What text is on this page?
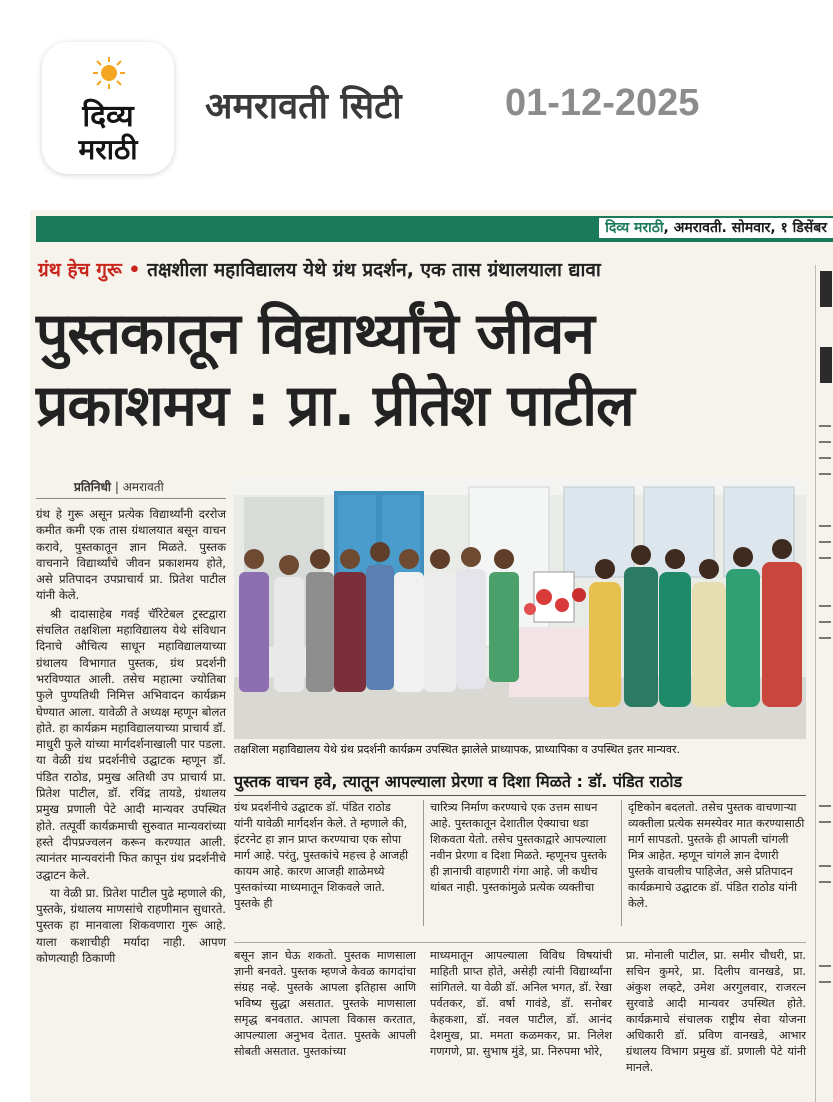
दिव्य
मराठी
अमरावती सिटी	01-12-2025
दिव्य मराठी, अमरावती. सोमवार, १ डिसेंबर
ग्रंथ हेच गुरू • तक्षशीला महाविद्यालय येथे ग्रंथ प्रदर्शन, एक तास ग्रंथालयाला द्यावा
पुस्तकातून विद्यार्थ्यांचे जीवन
प्रकाशमय : प्रा. प्रीतेश पाटील
प्रतिनिधी | अमरावती

ग्रंथ हे गुरू असून प्रत्येक विद्यार्थ्यांनी दररोज कमीत कमी एक तास ग्रंथालयात बसून वाचन करावे, पुस्तकातून ज्ञान मिळते. पुस्तक वाचनाने विद्यार्थ्यांचे जीवन प्रकाशमय होते, असे प्रतिपादन उपप्राचार्य प्रा. प्रितेश पाटील यांनी केले.

श्री दादासाहेब गवई चॅरिटेबल ट्रस्टद्वारा संचलित तक्षशिला महाविद्यालय येथे संविधान दिनाचे औचित्य साधून महाविद्यालयाच्या ग्रंथालय विभागात पुस्तक, ग्रंथ प्रदर्शनी भरविण्यात आली. तसेच महात्मा ज्योतिबा फुले पुण्यतिथी निमित्त अभिवादन कार्यक्रम घेण्यात आला. यावेळी ते अध्यक्ष म्हणून बोलत होते. हा कार्यक्रम महाविद्यालयाच्या प्राचार्य डॉ. माधुरी फुले यांच्या मार्गदर्शनाखाली पार पडला. या वेळी ग्रंथ प्रदर्शनीचे उद्घाटक म्हणून डॉ. पंडित राठोड, प्रमुख अतिथी उप प्राचार्य प्रा. प्रितेश पाटील, डॉ. रविंद्र तायडे, ग्रंथालय प्रमुख प्रणाली पेटे आदी मान्यवर उपस्थित होते. तत्पूर्वी कार्यक्रमाची सुरुवात मान्यवरांच्या हस्ते दीपप्रज्वलन करून करण्यात आली. त्यानंतर मान्यवरांनी फित कापून ग्रंथ प्रदर्शनीचे उद्घाटन केले.

या वेळी प्रा. प्रितेश पाटील पुढे म्हणाले की, पुस्तके, ग्रंथालय माणसांचे राहणीमान सुधारते. पुस्तक हा मानवाला शिकवणारा गुरू आहे. याला कशाचीही मर्यादा नाही. आपण कोणत्याही ठिकाणी

तक्षशिला महाविद्यालय येथे ग्रंथ प्रदर्शनी कार्यक्रम उपस्थित झालेले प्राध्यापक, प्राध्यापिका व उपस्थित इतर मान्यवर.
पुस्तक वाचन हवे, त्यातून आपल्याला प्रेरणा व दिशा मिळते : डॉ. पंडित राठोड
ग्रंथ प्रदर्शनीचे उद्घाटक डॉ. पंडित राठोड यांनी यावेळी मार्गदर्शन केले. ते म्हणाले की, इंटरनेट हा ज्ञान प्राप्त करण्याचा एक सोपा मार्ग आहे. परंतु, पुस्तकांचे महत्त्व हे आजही कायम आहे. कारण आजही शाळेमध्ये पुस्तकांच्या माध्यमातून शिकवले जाते. पुस्तके ही
चारित्र्य निर्माण करण्याचे एक उत्तम साधन आहे. पुस्तकातून देशातील ऐक्याचा धडा शिकवता येतो. तसेच पुस्तकाद्वारे आपल्याला नवीन प्रेरणा व दिशा मिळते. म्हणूनच पुस्तके ही ज्ञानाची वाहणारी गंगा आहे. जी कधीच थांबत नाही. पुस्तकांमुळे प्रत्येक व्यक्तीचा
दृष्टिकोन बदलतो. तसेच पुस्तक वाचणाऱ्या व्यक्तीला प्रत्येक समस्येवर मात करण्यासाठी मार्ग सापडतो. पुस्तके ही आपली चांगली मित्र आहेत. म्हणून चांगले ज्ञान देणारी पुस्तके वाचलीच पाहिजेत, असे प्रतिपादन कार्यक्रमाचे उद्घाटक डॉ. पंडित राठोड यांनी केले.
बसून ज्ञान घेऊ शकतो. पुस्तक माणसाला ज्ञानी बनवते. पुस्तक म्हणजे केवळ कागदांचा संग्रह नव्हे. पुस्तके आपला इतिहास आणि भविष्य सुद्धा असतात. पुस्तके माणसाला समृद्ध बनवतात. आपला विकास करतात, आपल्याला अनुभव देतात. पुस्तके आपली सोबती असतात. पुस्तकांच्या
माध्यमातून आपल्याला विविध विषयांची माहिती प्राप्त होते, असेही त्यांनी विद्यार्थ्यांना सांगितले. या वेळी डॉ. अनिल भगत, डॉ. रेखा पर्वतकर, डॉ. वर्षा गावंडे, डॉ. सनोबर केहकशा, डॉ. नवल पाटील, डॉ. आनंद देशमुख, प्रा. ममता कळमकर, प्रा. निलेश गणगणे, प्रा. सुभाष मुंडे, प्रा. निरुपमा भोरे,
प्रा. मोनाली पाटील, प्रा. समीर चौधरी, प्रा. सचिन कुमरे, प्रा. दिलीप वानखडे, प्रा. अंकुश लव्हटे, उमेश अरगुलवार, राजरत्न सुरवाडे आदी मान्यवर उपस्थित होते. कार्यक्रमाचे संचालक राष्ट्रीय सेवा योजना अधिकारी डॉ. प्रविण वानखडे, आभार ग्रंथालय विभाग प्रमुख डॉ. प्रणाली पेटे यांनी मानले.
